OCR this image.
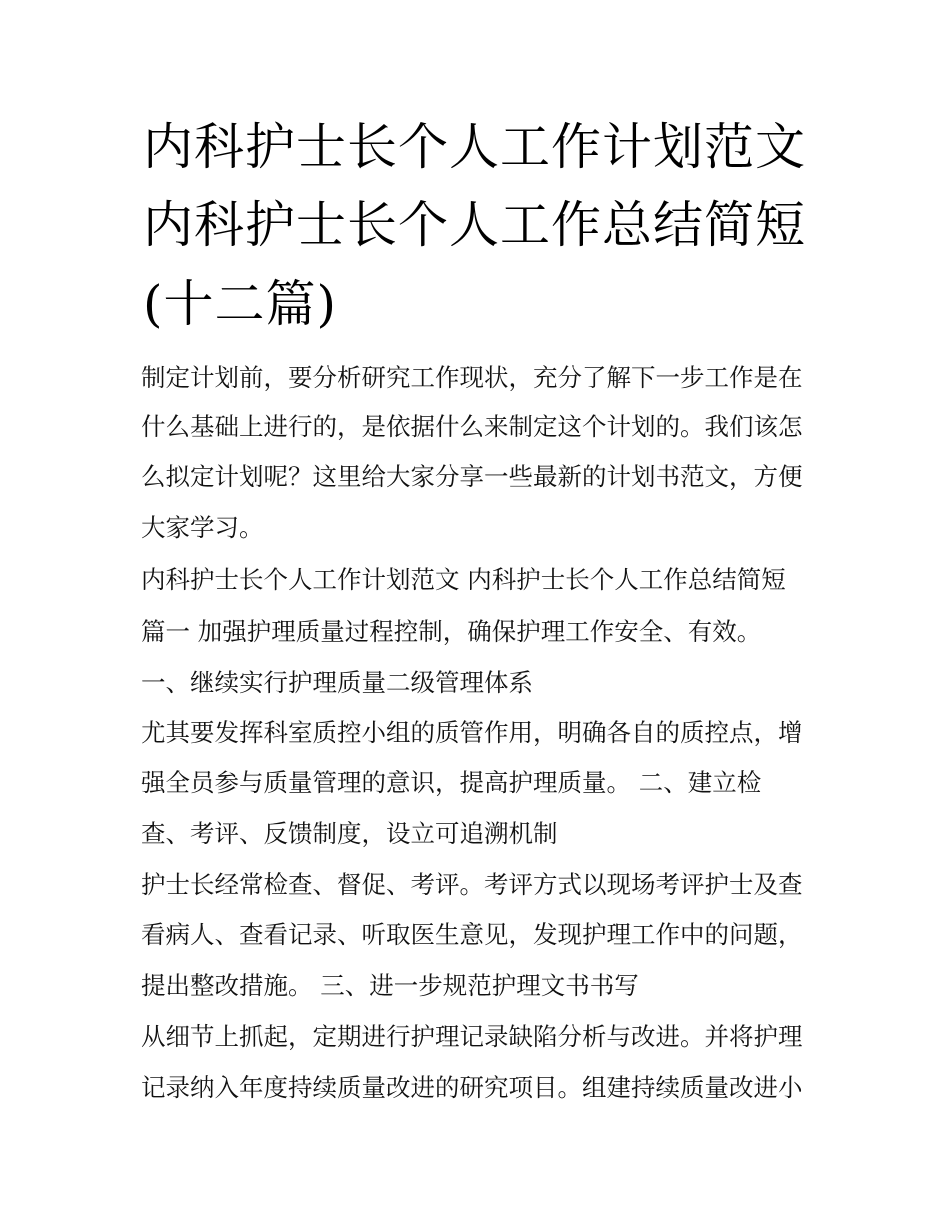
内科护士长个人工作计划范文
内科护士长个人工作总结简短
(十二篇)
制定计划前，要分析研究工作现状，充分了解下一步工作是在
什么基础上进行的，是依据什么来制定这个计划的。我们该怎
么拟定计划呢？这里给大家分享一些最新的计划书范文，方便
大家学习。
内科护士长个人工作计划范文 内科护士长个人工作总结简短
篇一 加强护理质量过程控制，确保护理工作安全、有效。
一、继续实行护理质量二级管理体系
尤其要发挥科室质控小组的质管作用，明确各自的质控点，增
强全员参与质量管理的意识，提高护理质量。 二、建立检
查、考评、反馈制度，设立可追溯机制
护士长经常检查、督促、考评。考评方式以现场考评护士及查
看病人、查看记录、听取医生意见，发现护理工作中的问题，
提出整改措施。 三、进一步规范护理文书书写
从细节上抓起，定期进行护理记录缺陷分析与改进。并将护理
记录纳入年度持续质量改进的研究项目。组建持续质量改进小
